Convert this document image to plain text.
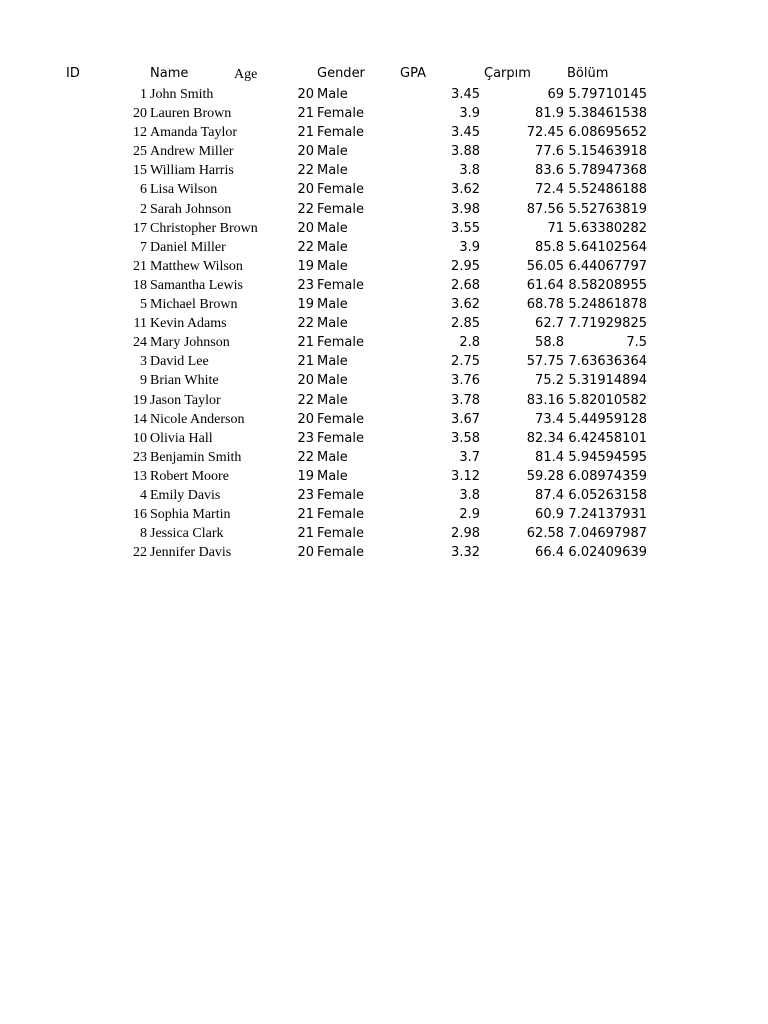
ID	Name	Age	Gender	GPA	Çarpım	Bölüm
1 John Smith	20 Male	3.45	69 5.79710145
20 Lauren Brown	21 Female	3.9	81.9 5.38461538
12 Amanda Taylor	21 Female	3.45	72.45 6.08695652
25 Andrew Miller	20 Male	3.88	77.6 5.15463918
15 William Harris	22 Male	3.8	83.6 5.78947368
6 Lisa Wilson	20 Female	3.62	72.4 5.52486188
2 Sarah Johnson	22 Female	3.98	87.56 5.52763819
17 Christopher Brown	20 Male	3.55	71 5.63380282
7 Daniel Miller	22 Male	3.9	85.8 5.64102564
21 Matthew Wilson	19 Male	2.95	56.05 6.44067797
18 Samantha Lewis	23 Female	2.68	61.64 8.58208955
5 Michael Brown	19 Male	3.62	68.78 5.24861878
11 Kevin Adams	22 Male	2.85	62.7 7.71929825
24 Mary Johnson	21 Female	2.8	58.8	7.5
3 David Lee	21 Male	2.75	57.75 7.63636364
9 Brian White	20 Male	3.76	75.2 5.31914894
19 Jason Taylor	22 Male	3.78	83.16 5.82010582
14 Nicole Anderson	20 Female	3.67	73.4 5.44959128
10 Olivia Hall	23 Female	3.58	82.34 6.42458101
23 Benjamin Smith	22 Male	3.7	81.4 5.94594595
13 Robert Moore	19 Male	3.12	59.28 6.08974359
4 Emily Davis	23 Female	3.8	87.4 6.05263158
16 Sophia Martin	21 Female	2.9	60.9 7.24137931
8 Jessica Clark	21 Female	2.98	62.58 7.04697987
22 Jennifer Davis	20 Female	3.32	66.4 6.02409639
